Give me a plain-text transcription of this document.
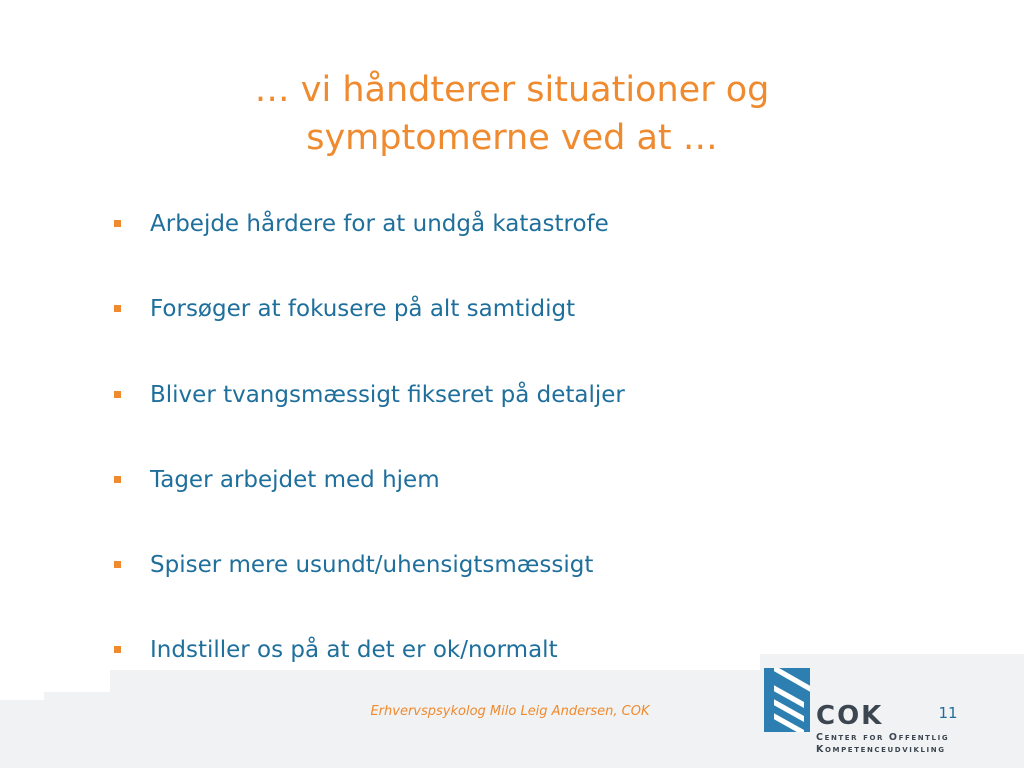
… vi håndterer situationer og
symptomerne ved at …
Arbejde hårdere for at undgå katastrofe
Forsøger at fokusere på alt samtidigt
Bliver tvangsmæssigt fikseret på detaljer
Tager arbejdet med hjem
Spiser mere usundt/uhensigtsmæssigt
Indstiller os på at det er ok/normalt
Erhvervspsykolog Milo Leig Andersen, COK	11
COK
Center for Offentlig
Kompetenceudvikling
